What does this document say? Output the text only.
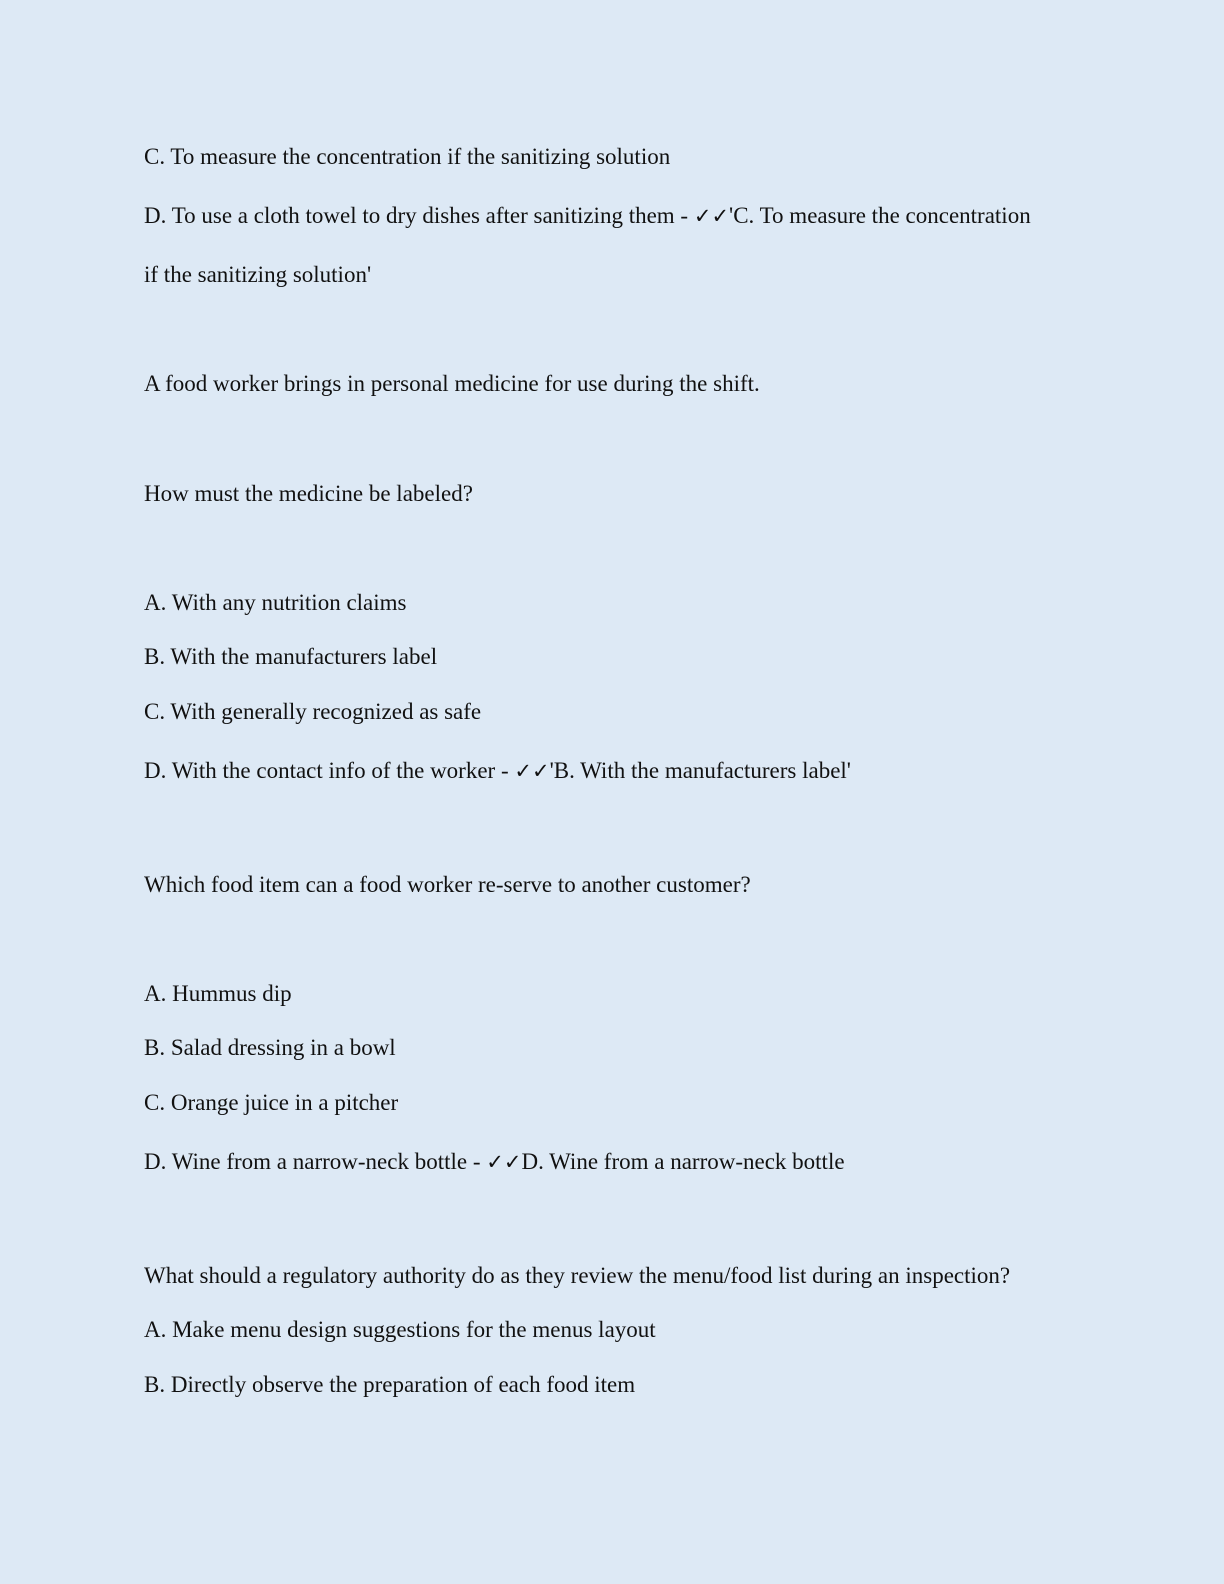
C. To measure the concentration if the sanitizing solution
D. To use a cloth towel to dry dishes after sanitizing them - ✓✓'C. To measure the concentration
if the sanitizing solution'
A food worker brings in personal medicine for use during the shift.
How must the medicine be labeled?
A. With any nutrition claims
B. With the manufacturers label
C. With generally recognized as safe
D. With the contact info of the worker - ✓✓'B. With the manufacturers label'
Which food item can a food worker re-serve to another customer?
A. Hummus dip
B. Salad dressing in a bowl
C. Orange juice in a pitcher
D. Wine from a narrow-neck bottle - ✓✓D. Wine from a narrow-neck bottle
What should a regulatory authority do as they review the menu/food list during an inspection?
A. Make menu design suggestions for the menus layout
B. Directly observe the preparation of each food item
